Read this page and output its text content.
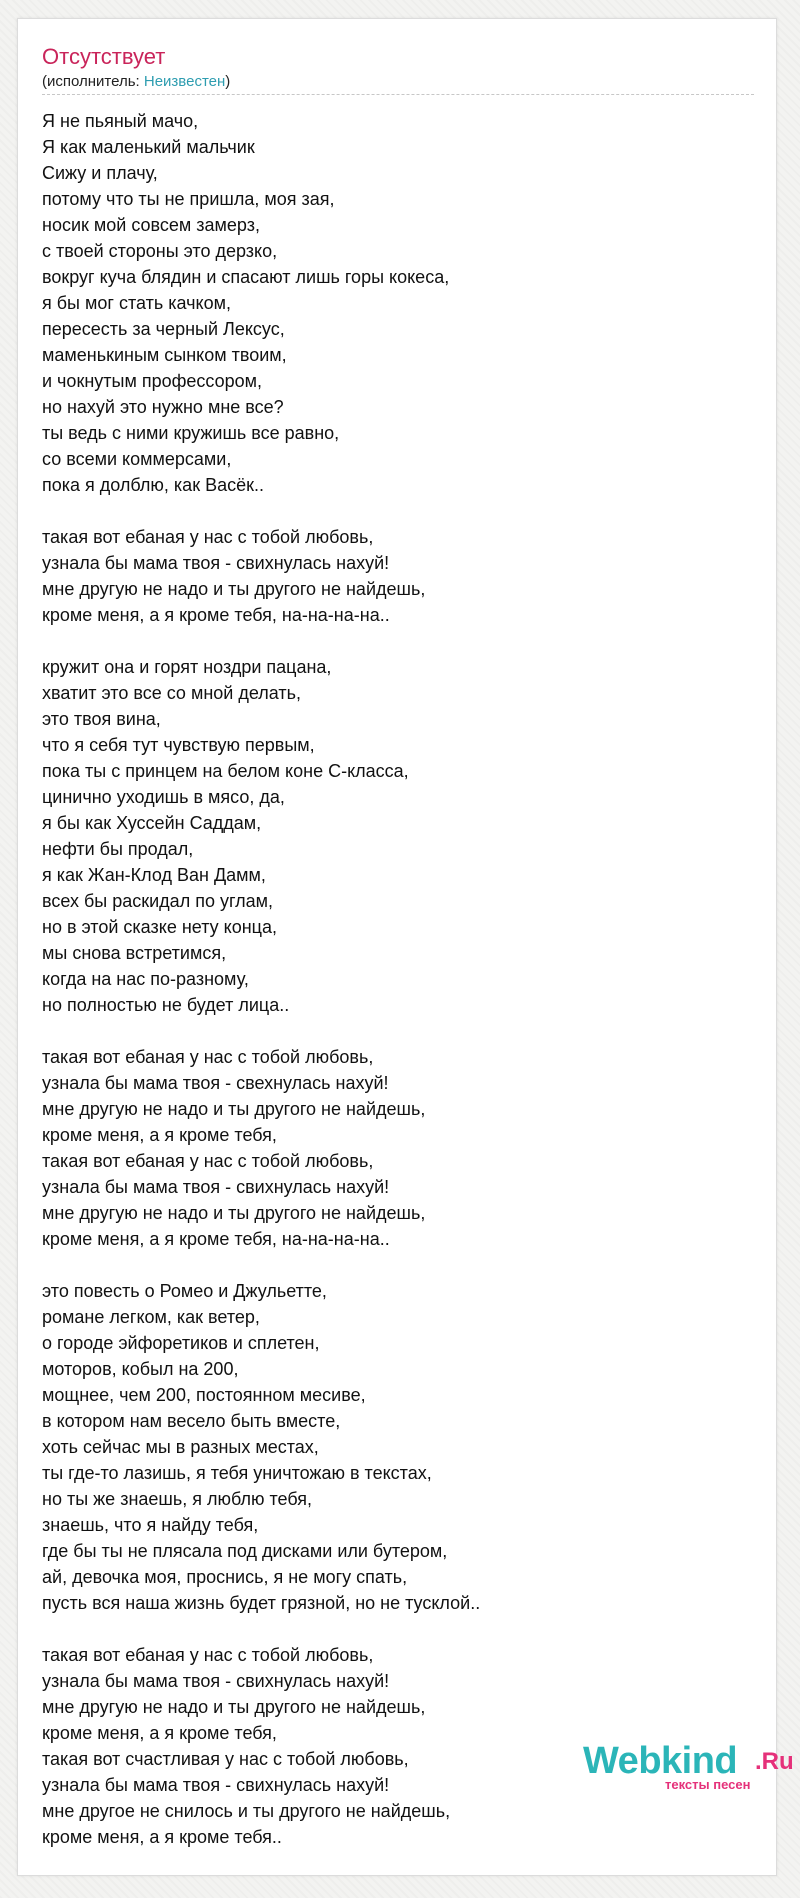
Отсутствует
(исполнитель: Неизвестен)
Я не пьяный мачо,
Я как маленький мальчик
Сижу и плачу,
потому что ты не пришла, моя зая,
носик мой совсем замерз,
с твоей стороны это дерзко,
вокруг куча блядин и спасают лишь горы кокеса,
я бы мог стать качком,
пересесть за черный Лексус,
маменькиным сынком твоим,
и чокнутым профессором,
но нахуй это нужно мне все?
ты ведь с ними кружишь все равно,
со всеми коммерсами,
пока я долблю, как Васёк..
такая вот ебаная у нас с тобой любовь,
узнала бы мама твоя - свихнулась нахуй!
мне другую не надо и ты другого не найдешь,
кроме меня, а я кроме тебя, на-на-на-на..
кружит она и горят ноздри пацана,
хватит это все со мной делать,
это твоя вина,
что я себя тут чувствую первым,
пока ты с принцем на белом коне С-класса,
цинично уходишь в мясо, да,
я бы как Хуссейн Саддам,
нефти бы продал,
я как Жан-Клод Ван Дамм,
всех бы раскидал по углам,
но в этой сказке нету конца,
мы снова встретимся,
когда на нас по-разному,
но полностью не будет лица..
такая вот ебаная у нас с тобой любовь,
узнала бы мама твоя - свехнулась нахуй!
мне другую не надо и ты другого не найдешь,
кроме меня, а я кроме тебя,
такая вот ебаная у нас с тобой любовь,
узнала бы мама твоя - свихнулась нахуй!
мне другую не надо и ты другого не найдешь,
кроме меня, а я кроме тебя, на-на-на-на..
это повесть о Ромео и Джульетте,
романе легком, как ветер,
о городе эйфоретиков и сплетен,
моторов, кобыл на 200,
мощнее, чем 200, постоянном месиве,
в котором нам весело быть вместе,
хоть сейчас мы в разных местах,
ты где-то лазишь, я тебя уничтожаю в текстах,
но ты же знаешь, я люблю тебя,
знаешь, что я найду тебя,
где бы ты не плясала под дисками или бутером,
ай, девочка моя, проснись, я не могу спать,
пусть вся наша жизнь будет грязной, но не тусклой..
такая вот ебаная у нас с тобой любовь,
узнала бы мама твоя - свихнулась нахуй!
мне другую не надо и ты другого не найдешь,
кроме меня, а я кроме тебя,
такая вот счастливая у нас с тобой любовь,
узнала бы мама твоя - свихнулась нахуй!
мне другое не снилось и ты другого не найдешь,
кроме меня, а я кроме тебя..
Webkind .Ru
тексты песен
